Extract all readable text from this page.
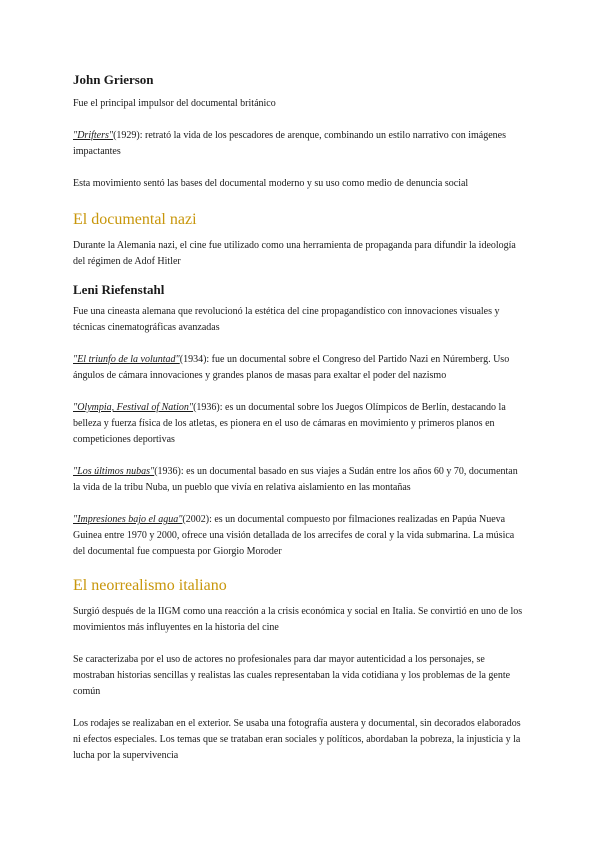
John Grierson

Fue el principal impulsor del documental británico

"Drifters"(1929): retrató la vida de los pescadores de arenque, combinando un estilo narrativo con imágenes impactantes

Esta movimiento sentó las bases del documental moderno y su uso como medio de denuncia social

El documental nazi

Durante la Alemania nazi, el cine fue utilizado como una herramienta de propaganda para difundir la ideología del régimen de Adof Hitler

Leni Riefenstahl

Fue una cineasta alemana que revolucionó la estética del cine propagandístico con innovaciones visuales y técnicas cinematográficas avanzadas

"El triunfo de la voluntad"(1934): fue un documental sobre el Congreso del Partido Nazi en Núremberg. Uso ángulos de cámara innovaciones y grandes planos de masas para exaltar el poder del nazismo

"Olympia, Festival of Nation"(1936): es un documental sobre los Juegos Olímpicos de Berlín, destacando la belleza y fuerza física de los atletas, es pionera en el uso de cámaras en movimiento y primeros planos en competiciones deportivas

"Los últimos nubas"(1936): es un documental basado en sus viajes a Sudán entre los años 60 y 70, documentan la vida de la tribu Nuba, un pueblo que vivía en relativa aislamiento en las montañas

"Impresiones bajo el agua"(2002): es un documental compuesto por filmaciones realizadas en Papúa Nueva Guinea entre 1970 y 2000, ofrece una visión detallada de los arrecifes de coral y la vida submarina. La música del documental fue compuesta por Giorgio Moroder

El neorrealismo italiano

Surgió después de la IIGM como una reacción a la crisis económica y social en Italia. Se convirtió en uno de los movimientos más influyentes en la historia del cine

Se caracterizaba por el uso de actores no profesionales para dar mayor autenticidad a los personajes, se mostraban historias sencillas y realistas las cuales representaban la vida cotidiana y los problemas de la gente común

Los rodajes se realizaban en el exterior. Se usaba una fotografía austera y documental, sin decorados elaborados ni efectos especiales. Los temas que se trataban eran sociales y políticos, abordaban la pobreza, la injusticia y la lucha por la supervivencia
